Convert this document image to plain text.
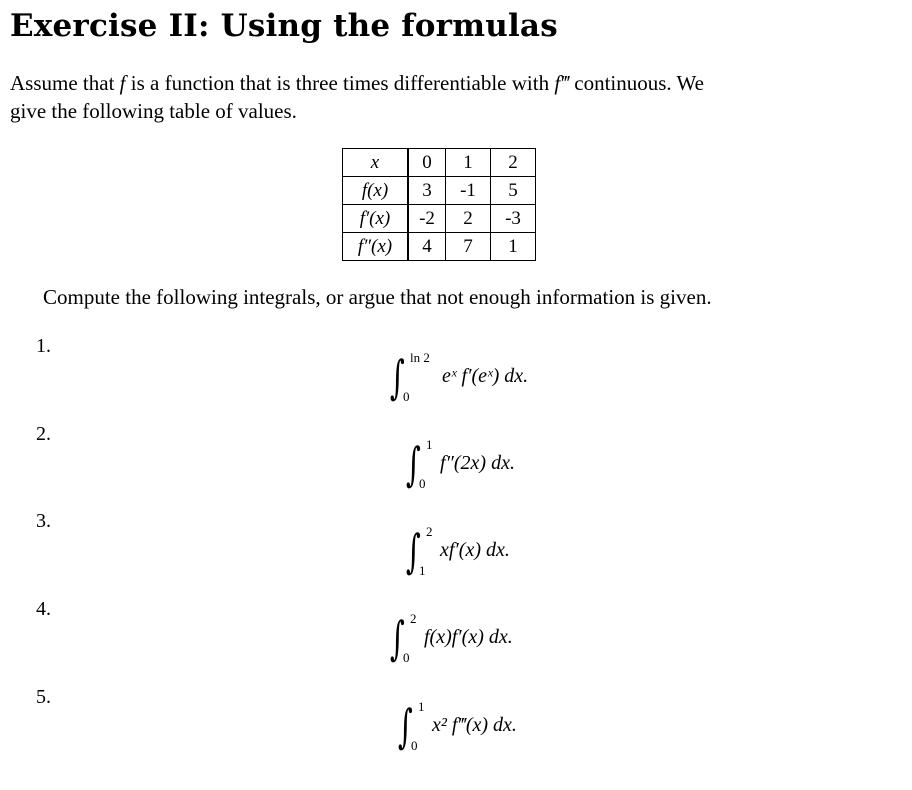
Exercise II: Using the formulas
Assume that f is a function that is three times differentiable with f‴ continuous. We
give the following table of values.
x	0	1	2
f(x)	3	-1	5
f′(x)	-2	2	-3
f″(x)	4	7	1
Compute the following integrals, or argue that not enough information is given.
1.
∫ ln 2
0
eˣ f′(eˣ) dx.
2.
∫ 1
0
f″(2x) dx.
3.
∫ 2
1
xf′(x) dx.
4.
∫ 2
0
f(x)f′(x) dx.
5.
∫ 1
0
x² f‴(x) dx.
